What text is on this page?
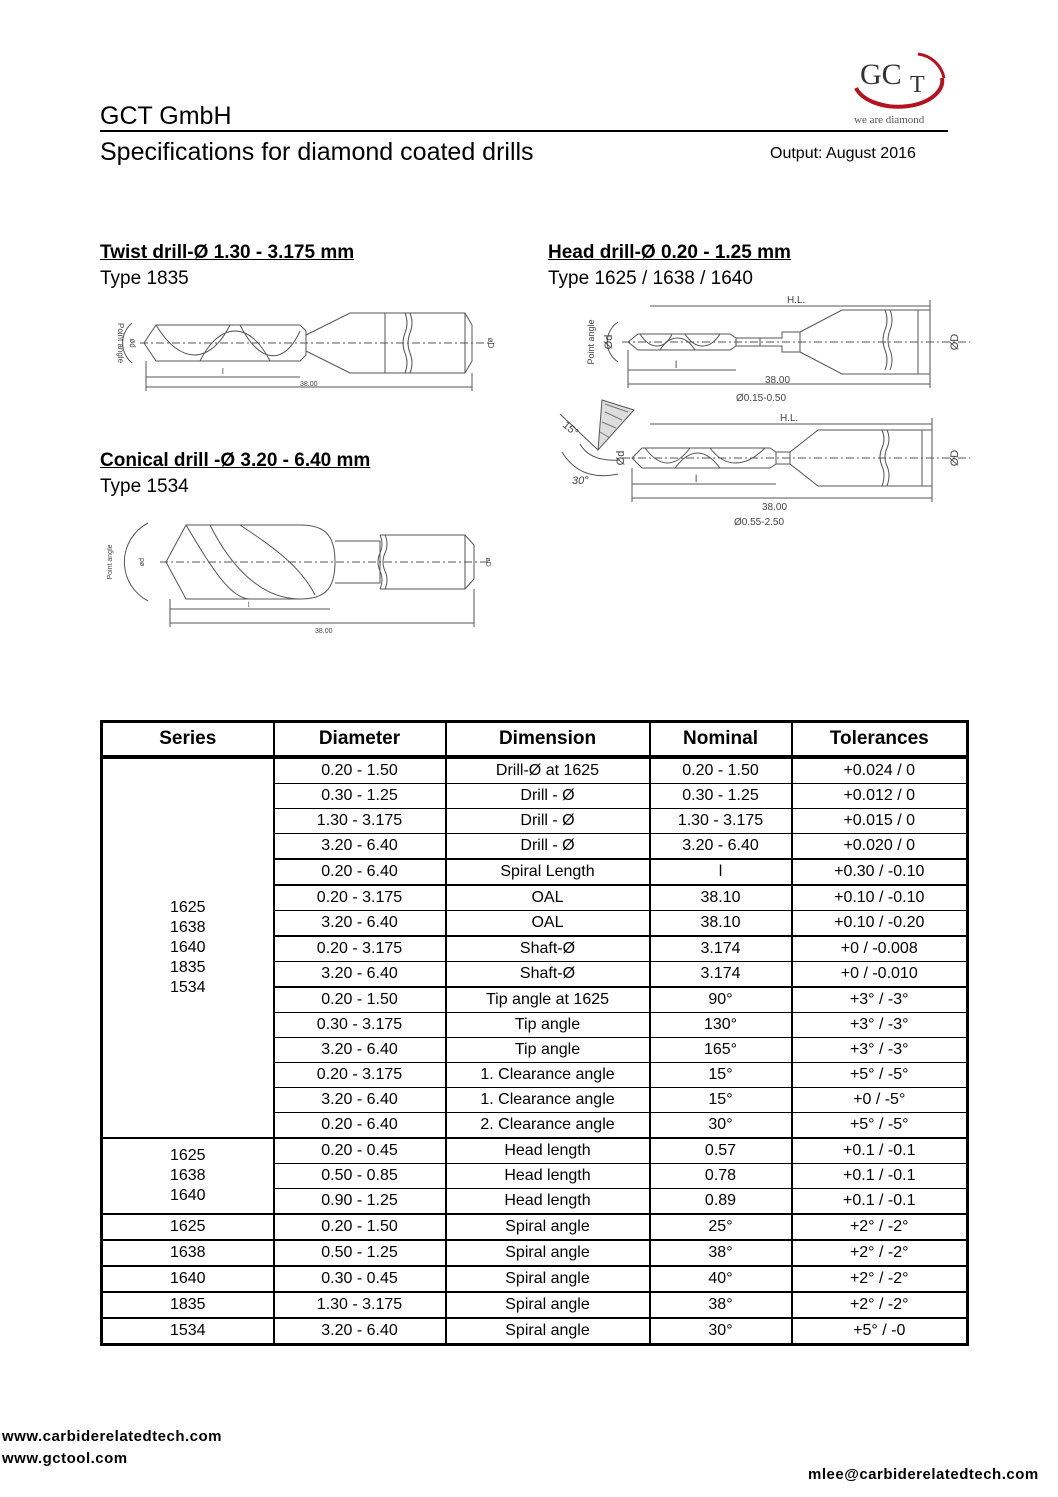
GCT GmbH
Specifications for diamond coated drills	Output: August 2016
GC T
we are diamond
Twist drill-Ø 1.30 - 3.175 mm
Type 1835
Head drill-Ø 0.20 - 1.25 mm
Type 1625 / 1638 / 1640
Conical drill -Ø 3.20 - 6.40 mm
Type 1534
Point angle ød	øD
l
38.00
Point angle Ød	ØD
H.L.
l
38.00
Ø0.15-0.50
15°
30°
Ød	ØD
H.L.
l
38.00
Ø0.55-2.50
Point angle	ød	øD
l
38.00
Series	Diameter	Dimension	Nominal	Tolerances

1625
1638
1640
1835
1534	0.20 - 1.50	Drill-Ø at 1625	0.20 - 1.50	+0.024 / 0
	0.30 - 1.25	Drill - Ø	0.30 - 1.25	+0.012 / 0
	1.30 - 3.175	Drill - Ø	1.30 - 3.175	+0.015 / 0
	3.20 - 6.40	Drill - Ø	3.20 - 6.40	+0.020 / 0
	0.20 - 6.40	Spiral Length	l	+0.30 / -0.10
	0.20 - 3.175	OAL	38.10	+0.10 / -0.10
	3.20 - 6.40	OAL	38.10	+0.10 / -0.20
	0.20 - 3.175	Shaft-Ø	3.174	+0 / -0.008
	3.20 - 6.40	Shaft-Ø	3.174	+0 / -0.010
	0.20 - 1.50	Tip angle at 1625	90°	+3° / -3°
	0.30 - 3.175	Tip angle	130°	+3° / -3°
	3.20 - 6.40	Tip angle	165°	+3° / -3°
	0.20 - 3.175	1. Clearance angle	15°	+5° / -5°
	3.20 - 6.40	1. Clearance angle	15°	+0 / -5°
	0.20 - 6.40	2. Clearance angle	30°	+5° / -5°

1625
1638
1640	0.20 - 0.45	Head length	0.57	+0.1 / -0.1
	0.50 - 0.85	Head length	0.78	+0.1 / -0.1
	0.90 - 1.25	Head length	0.89	+0.1 / -0.1

1625	0.20 - 1.50	Spiral angle	25°	+2° / -2°

1638	0.50 - 1.25	Spiral angle	38°	+2° / -2°

1640	0.30 - 0.45	Spiral angle	40°	+2° / -2°

1835	1.30 - 3.175	Spiral angle	38°	+2° / -2°

1534	3.20 - 6.40	Spiral angle	30°	+5° / -0
www.carbiderelatedtech.com
www.gctool.com
mlee@carbiderelatedtech.com
